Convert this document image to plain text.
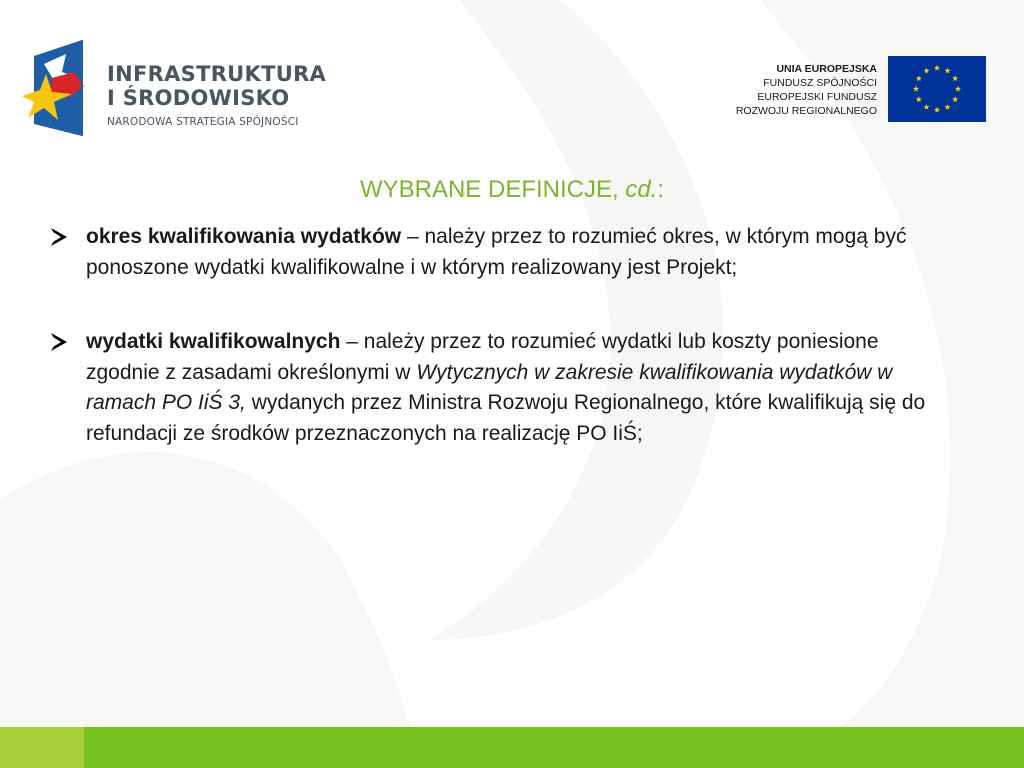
INFRASTRUKTURA
I ŚRODOWISKO
NARODOWA STRATEGIA SPÓJNOŚCI
UNIA EUROPEJSKA
FUNDUSZ SPÓJNOŚCI
EUROPEJSKI FUNDUSZ
ROZWOJU REGIONALNEGO
WYBRANE DEFINICJE, cd.:
okres kwalifikowania wydatków – należy przez to rozumieć okres, w którym mogą być ponoszone wydatki kwalifikowalne i w którym realizowany jest Projekt;
wydatki kwalifikowalnych – należy przez to rozumieć wydatki lub koszty poniesione zgodnie z zasadami określonymi w Wytycznych w zakresie kwalifikowania wydatków w ramach PO IiŚ 3, wydanych przez Ministra Rozwoju Regionalnego, które kwalifikują się do refundacji ze środków przeznaczonych na realizację PO IiŚ;
